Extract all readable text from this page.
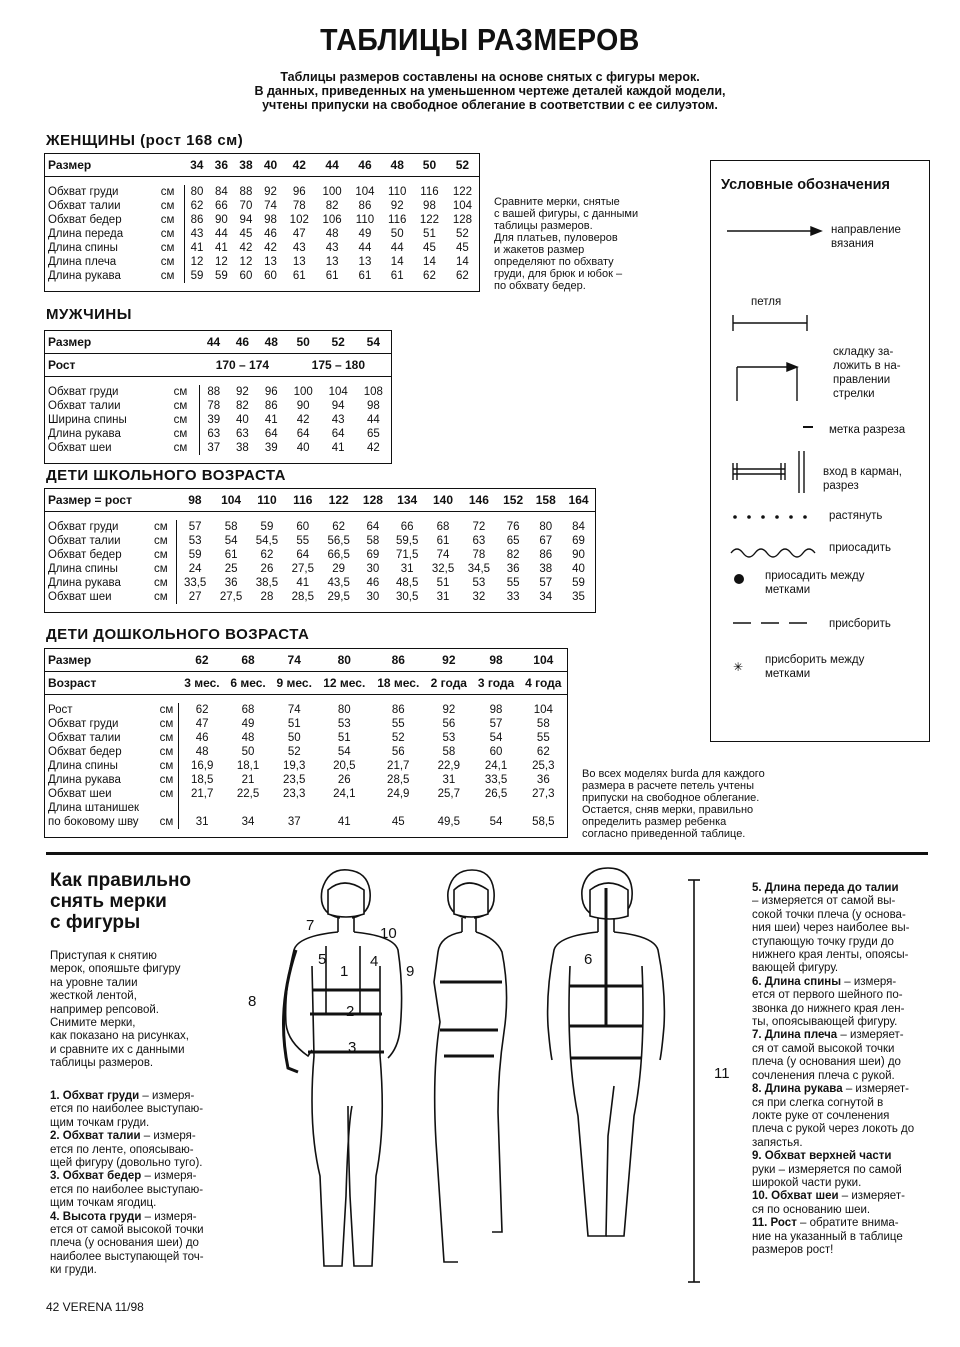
ТАБЛИЦЫ РАЗМЕРОВ
Таблицы размеров составлены на основе снятых с фигуры мерок.
В данных, приведенных на уменьшенном чертеже деталей каждой модели,
учтены припуски на свободное облегание в соответствии с ее силуэтом.
ЖЕНЩИНЫ (рост 168 см)
Размер		34	36	38	40	42	44	46	48	50	52

Обхват груди	см	80	84	88	92	96	100	104	110	116	122
Обхват талии	см	62	66	70	74	78	82	86	92	98	104
Обхват бедер	см	86	90	94	98	102	106	110	116	122	128
Длина переда	см	43	44	45	46	47	48	49	50	51	52
Длина спины	см	41	41	42	42	43	43	44	44	45	45
Длина плеча	см	12	12	12	13	13	13	13	14	14	14
Длина рукава	см	59	59	60	60	61	61	61	61	62	62

Сравните мерки, снятые
с вашей фигуры, с данными
таблицы размеров.
Для платьев, пуловеров
и жакетов размер
определяют по обхвату
груди, для брюк и юбок –
по обхвату бедер.
МУЖЧИНЫ
Размер		44	46	48	50	52	54
Рост		170 – 174			175 – 180		

Обхват груди	см	88	92	96	100	104	108
Обхват талии	см	78	82	86	90	94	98
Ширина спины	см	39	40	41	42	43	44
Длина рукава	см	63	63	64	64	64	65
Обхват шеи	см	37	38	39	40	41	42

ДЕТИ ШКОЛЬНОГО ВОЗРАСТА
Размер = рост		98	104	110	116	122	128	134	140	146	152	158	164

Обхват груди	см	57	58	59	60	62	64	66	68	72	76	80	84
Обхват талии	см	53	54	54,5	55	56,5	58	59,5	61	63	65	67	69
Обхват бедер	см	59	61	62	64	66,5	69	71,5	74	78	82	86	90
Длина спины	см	24	25	26	27,5	29	30	31	32,5	34,5	36	38	40
Длина рукава	см	33,5	36	38,5	41	43,5	46	48,5	51	53	55	57	59
Обхват шеи	см	27	27,5	28	28,5	29,5	30	30,5	31	32	33	34	35

ДЕТИ ДОШКОЛЬНОГО ВОЗРАСТА
Размер		62	68	74	80	86	92	98	104
Возраст		3 мес.	6 мес.	9 мес.	12 мес.	18 мес.	2 года	3 года	4 года

Рост	см	62	68	74	80	86	92	98	104
Обхват груди	см	47	49	51	53	55	56	57	58
Обхват талии	см	46	48	50	51	52	53	54	55
Обхват бедер	см	48	50	52	54	56	58	60	62
Длина спины	см	16,9	18,1	19,3	20,5	21,7	22,9	24,1	25,3
Длина рукава	см	18,5	21	23,5	26	28,5	31	33,5	36
Обхват шеи	см	21,7	22,5	23,3	24,1	24,9	25,7	26,5	27,3
Длина штанишек									
по боковому шву	см	31	34	37	41	45	49,5	54	58,5

Во всех моделях burda для каждого
размера в расчете петель учтены
припуски на свободное облегание.
Остается, сняв мерки, правильно
определить размер ребенка
согласно приведенной таблице.
Условные обозначения
✳
направление
вязания
петля
складку за-
ложить в на-
правлении
стрелки
метка разреза
вход в карман,
разрез
растянуть
приосадить
приосадить между
метками
присборить
присборить между
метками
Как правильно
снять мерки
с фигуры
Приступая к снятию
мерок, опояшьте фигуру
на уровне талии
жесткой лентой,
например репсовой.
Снимите мерки,
как показано на рисунках,
и сравните их с данными
таблицы размеров.
1. Обхват груди – измеря-
ется по наиболее выступаю-
щим точкам груди.
2. Обхват талии – измеря-
ется по ленте, опоясываю-
щей фигуру (довольно туго).
3. Обхват бедер – измеря-
ется по наиболее выступаю-
щим точкам ягодиц.
4. Высота груди – измеря-
ется от самой высокой точки
плеча (у основания шеи) до
наиболее выступающей точ-
ки груди.
5. Длина переда до талии
– измеряется от самой вы-
сокой точки плеча (у основа-
ния шеи) через наиболее вы-
ступающую точку груди до
нижнего края ленты, опоясы-
вающей фигуру.
6. Длина спины – измеря-
ется от первого шейного по-
звонка до нижнего края лен-
ты, опоясывающей фигуру.
7. Длина плеча – измеряет-
ся от самой высокой точки
плеча (у основания шеи) до
сочленения плеча с рукой.
8. Длина рукава – измеряет-
ся при слегка согнутой в
локте руке от сочленения
плеча с рукой через локоть до
запястья.
9. Обхват верхней части
руки – измеряется по самой
широкой части руки.
10. Обхват шеи – измеряет-
ся по основанию шеи.
11. Рост – обратите внима-
ние на указанный в таблице
размеров рост!
1
2
3
4
5	6
7
8
9
10
11
42 VERENA 11/98
